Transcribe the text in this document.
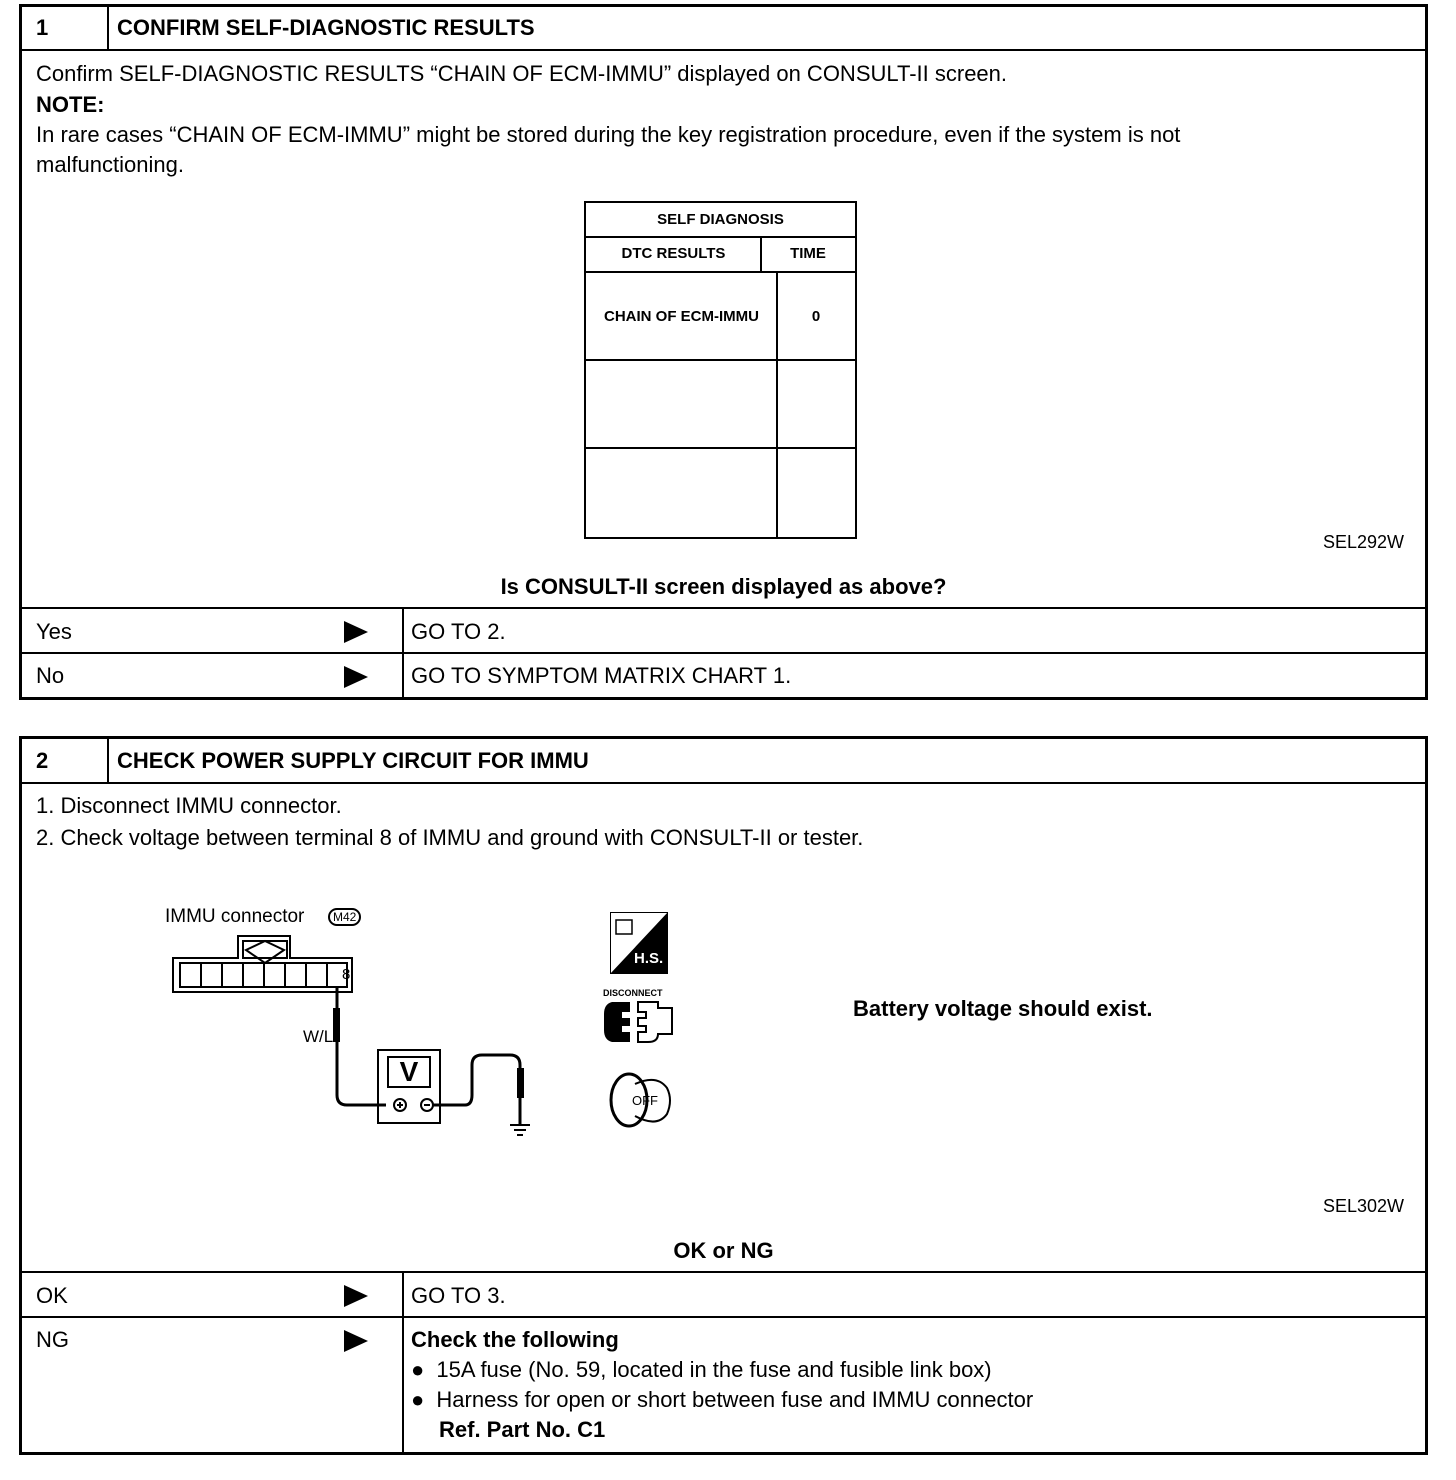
1	CONFIRM SELF-DIAGNOSTIC RESULTS
Confirm SELF-DIAGNOSTIC RESULTS “CHAIN OF ECM-IMMU” displayed on CONSULT-II screen.
NOTE:
In rare cases “CHAIN OF ECM-IMMU” might be stored during the key registration procedure, even if the system is not
malfunctioning.
SELF DIAGNOSIS
DTC RESULTS	TIME
CHAIN OF ECM-IMMU	0
SEL292W
Is CONSULT-II screen displayed as above?
Yes	GO TO 2.
No	GO TO SYMPTOM MATRIX CHART 1.
2	CHECK POWER SUPPLY CIRCUIT FOR IMMU
1. Disconnect IMMU connector.
2. Check voltage between terminal 8 of IMMU and ground with CONSULT-II or tester.
IMMU connector	M42
8
W/L
V
H.S.
DISCONNECT
OFF
Battery voltage should exist.
SEL302W
OK or NG
OK	GO TO 3.
NG	Check the following
● 15A fuse (No. 59, located in the fuse and fusible link box)
● Harness for open or short between fuse and IMMU connector
Ref. Part No. C1
